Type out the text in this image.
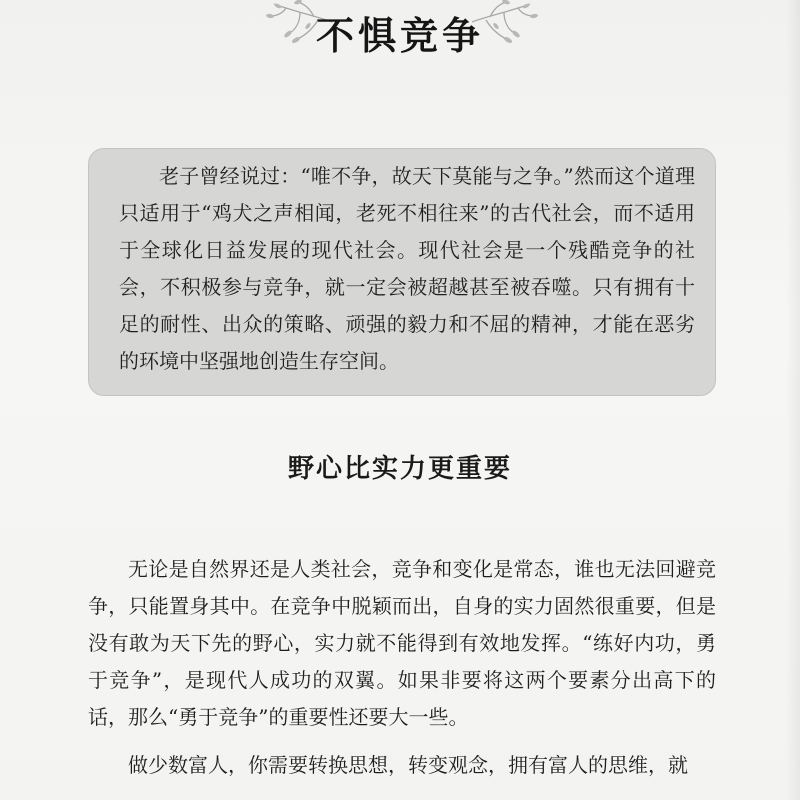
不惧竞争

老子曾经说过：“唯不争，故天下莫能与之争。”然而这个道理只适用于“鸡犬之声相闻，老死不相往来”的古代社会，而不适用于全球化日益发展的现代社会。现代社会是一个残酷竞争的社会，不积极参与竞争，就一定会被超越甚至被吞噬。只有拥有十足的耐性、出众的策略、顽强的毅力和不屈的精神，才能在恶劣的环境中坚强地创造生存空间。

野心比实力更重要

无论是自然界还是人类社会，竞争和变化是常态，谁也无法回避竞争，只能置身其中。在竞争中脱颖而出，自身的实力固然很重要，但是没有敢为天下先的野心，实力就不能得到有效地发挥。“练好内功，勇于竞争”，是现代人成功的双翼。如果非要将这两个要素分出高下的话，那么“勇于竞争”的重要性还要大一些。

做少数富人，你需要转换思想，转变观念，拥有富人的思维，就
